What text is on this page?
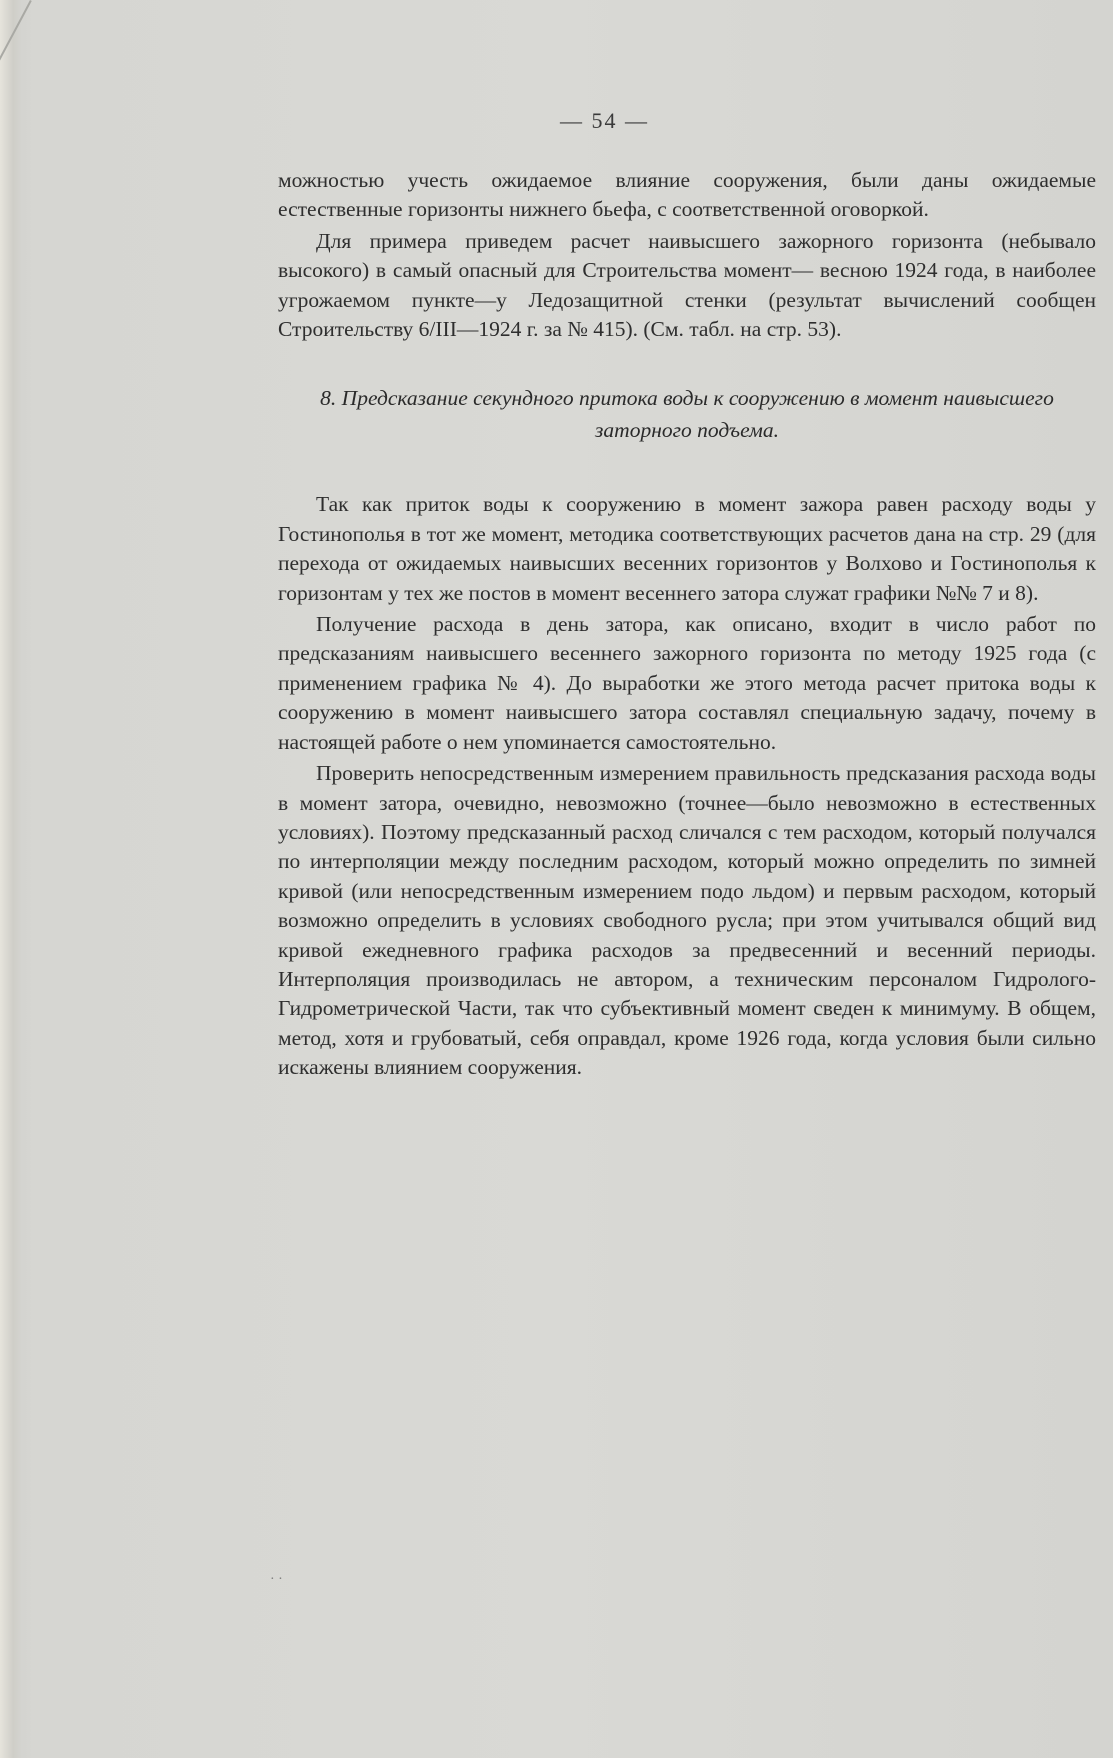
— 54 —

можностью учесть ожидаемое влияние сооружения, были даны ожидаемые естественные горизонты нижнего бьефа, с соответственной оговоркой.

Для примера приведем расчет наивысшего зажорного горизонта (небывало высокого) в самый опасный для Строительства момент— весною 1924 года, в наиболее угрожаемом пункте—у Ледозащитной стенки (результат вычислений сообщен Строительству 6/III—1924 г. за № 415). (См. табл. на стр. 53).

8. Предсказание секундного притока воды к сооружению в момент наивысшего заторного подъема.

Так как приток воды к сооружению в момент зажора равен расходу воды у Гостинополья в тот же момент, методика соответствующих расчетов дана на стр. 29 (для перехода от ожидаемых наивысших весенних горизонтов у Волхово и Гостинополья к горизонтам у тех же постов в момент весеннего затора служат графики №№ 7 и 8).

Получение расхода в день затора, как описано, входит в число работ по предсказаниям наивысшего весеннего зажорного горизонта по методу 1925 года (с применением графика № 4). До выработки же этого метода расчет притока воды к сооружению в момент наивысшего затора составлял специальную задачу, почему в настоящей работе о нем упоминается самостоятельно.

Проверить непосредственным измерением правильность предсказания расхода воды в момент затора, очевидно, невозможно (точнее—было невозможно в естественных условиях). Поэтому предсказанный расход сличался с тем расходом, который получался по интерполяции между последним расходом, который можно определить по зимней кривой (или непосредственным измерением подо льдом) и первым расходом, который возможно определить в условиях свободного русла; при этом учитывался общий вид кривой ежедневного графика расходов за предвесенний и весенний периоды. Интерполяция производилась не автором, а техническим персоналом Гидролого-Гидрометрической Части, так что субъективный момент сведен к минимуму. В общем, метод, хотя и грубоватый, себя оправдал, кроме 1926 года, когда условия были сильно искажены влиянием сооружения.

· ·
